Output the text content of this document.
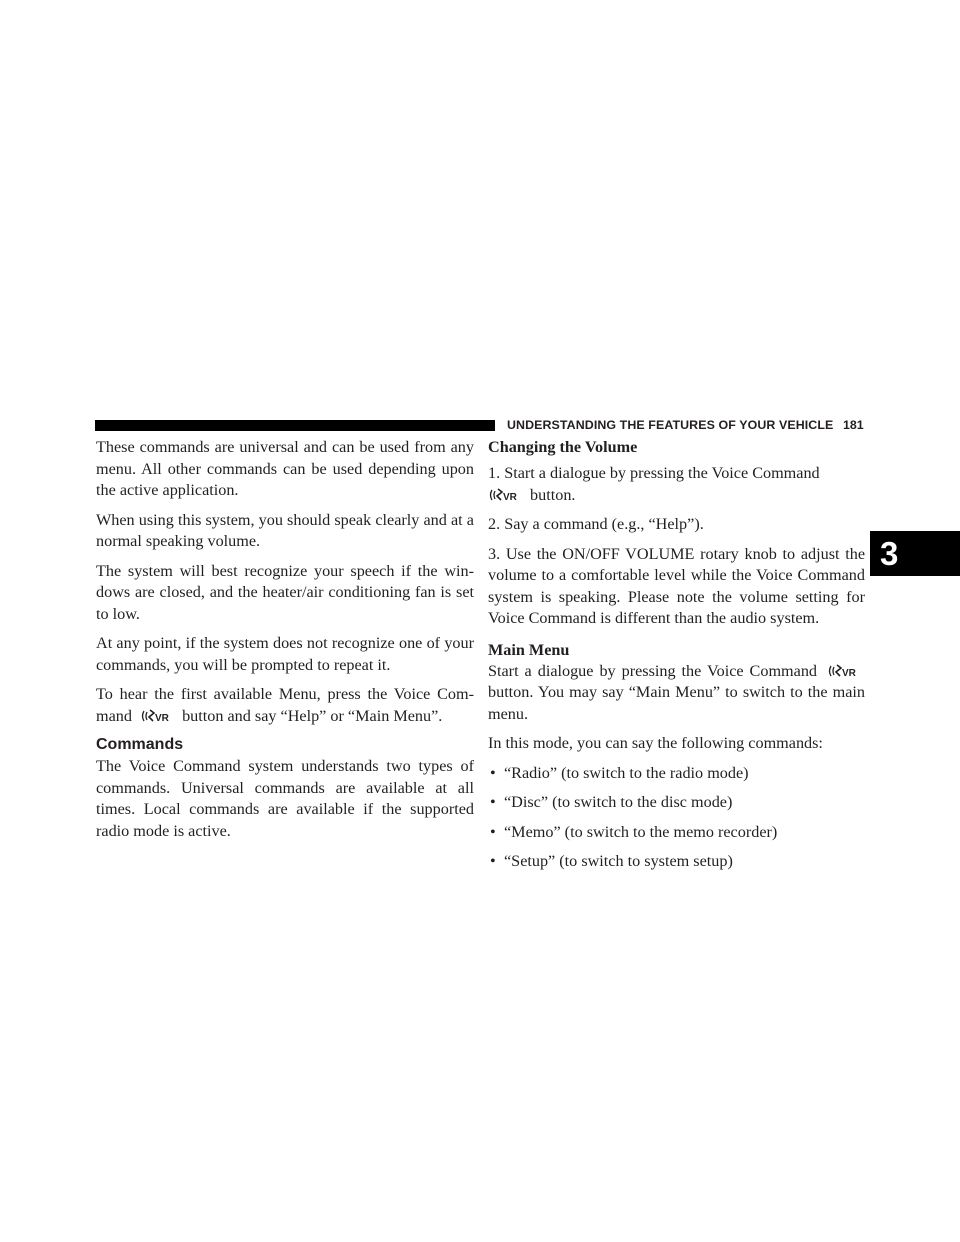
UNDERSTANDING THE FEATURES OF YOUR VEHICLE 181
3

These commands are universal and can be used from any menu. All other commands can be used depending upon the active application.

When using this system, you should speak clearly and at a normal speaking volume.

The system will best recognize your speech if the win-dows are closed, and the heater/air conditioning fan is set to low.

At any point, if the system does not recognize one of your commands, you will be prompted to repeat it.

To hear the first available Menu, press the Voice Com-mand VR button and say “Help” or “Main Menu”.

Commands

The Voice Command system understands two types of commands. Universal commands are available at all times. Local commands are available if the supported radio mode is active.

Changing the Volume

1. Start a dialogue by pressing the Voice Command

VR button.

2. Say a command (e.g., “Help”).

3. Use the ON/OFF VOLUME rotary knob to adjust the volume to a comfortable level while the Voice Command system is speaking. Please note the volume setting for Voice Command is different than the audio system.

Main Menu

Start a dialogue by pressing the Voice Command VR
button. You may say “Main Menu” to switch to the main menu.

In this mode, you can say the following commands:

• “Radio” (to switch to the radio mode)
• “Disc” (to switch to the disc mode)
• “Memo” (to switch to the memo recorder)
• “Setup” (to switch to system setup)
